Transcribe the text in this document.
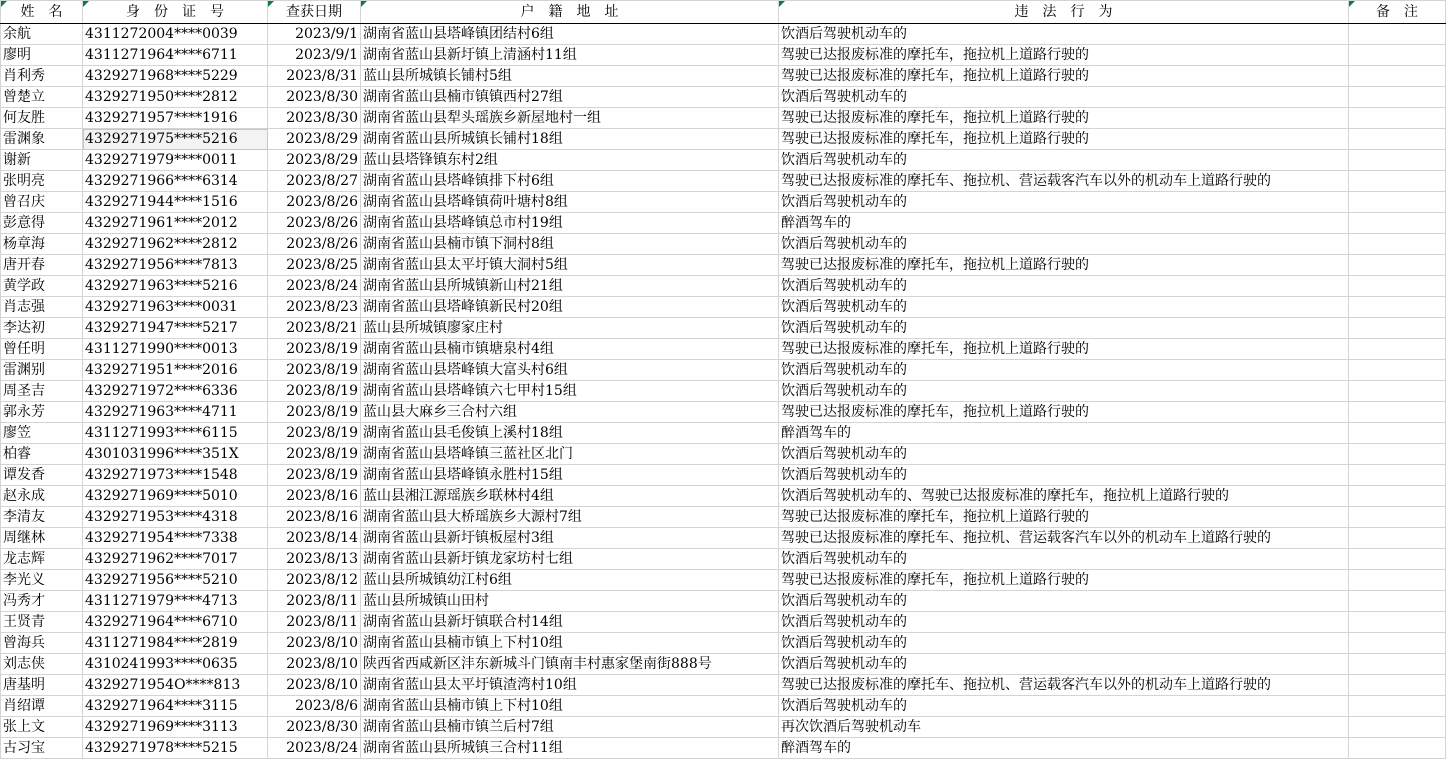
姓　名	身　份　证　号	查获日期	户　籍　地　址	违　法　行　为	备　注
余航	4311272004****0039	2023/9/1	湖南省蓝山县塔峰镇团结村6组	饮酒后驾驶机动车的	
廖明	4311271964****6711	2023/9/1	湖南省蓝山县新圩镇上清涵村11组	驾驶已达报废标准的摩托车，拖拉机上道路行驶的	
肖利秀	4329271968****5229	2023/8/31	蓝山县所城镇长铺村5组	驾驶已达报废标准的摩托车，拖拉机上道路行驶的	
曾楚立	4329271950****2812	2023/8/30	湖南省蓝山县楠市镇镇西村27组	饮酒后驾驶机动车的	
何友胜	4329271957****1916	2023/8/30	湖南省蓝山县犁头瑶族乡新屋地村一组	驾驶已达报废标准的摩托车，拖拉机上道路行驶的	
雷渊象	4329271975****5216	2023/8/29	湖南省蓝山县所城镇长铺村18组	驾驶已达报废标准的摩托车，拖拉机上道路行驶的	
谢新	4329271979****0011	2023/8/29	蓝山县塔锋镇东村2组	饮酒后驾驶机动车的	
张明亮	4329271966****6314	2023/8/27	湖南省蓝山县塔峰镇排下村6组	驾驶已达报废标准的摩托车、拖拉机、营运载客汽车以外的机动车上道路行驶的	
曾召庆	4329271944****1516	2023/8/26	湖南省蓝山县塔峰镇荷叶塘村8组	饮酒后驾驶机动车的	
彭意得	4329271961****2012	2023/8/26	湖南省蓝山县塔峰镇总市村19组	醉酒驾车的	
杨章海	4329271962****2812	2023/8/26	湖南省蓝山县楠市镇下洞村8组	饮酒后驾驶机动车的	
唐开春	4329271956****7813	2023/8/25	湖南省蓝山县太平圩镇大洞村5组	驾驶已达报废标准的摩托车，拖拉机上道路行驶的	
黄学政	4329271963****5216	2023/8/24	湖南省蓝山县所城镇新山村21组	饮酒后驾驶机动车的	
肖志强	4329271963****0031	2023/8/23	湖南省蓝山县塔峰镇新民村20组	饮酒后驾驶机动车的	
李达初	4329271947****5217	2023/8/21	蓝山县所城镇廖家庄村	饮酒后驾驶机动车的	
曾任明	4311271990****0013	2023/8/19	湖南省蓝山县楠市镇塘泉村4组	驾驶已达报废标准的摩托车，拖拉机上道路行驶的	
雷渊别	4329271951****2016	2023/8/19	湖南省蓝山县塔峰镇大富头村6组	饮酒后驾驶机动车的	
周圣吉	4329271972****6336	2023/8/19	湖南省蓝山县塔峰镇六七甲村15组	饮酒后驾驶机动车的	
郭永芳	4329271963****4711	2023/8/19	蓝山县大麻乡三合村六组	驾驶已达报废标准的摩托车，拖拉机上道路行驶的	
廖笠	4311271993****6115	2023/8/19	湖南省蓝山县毛俊镇上溪村18组	醉酒驾车的	
柏睿	4301031996****351X	2023/8/19	湖南省蓝山县塔峰镇三蓝社区北门	饮酒后驾驶机动车的	
谭发香	4329271973****1548	2023/8/19	湖南省蓝山县塔峰镇永胜村15组	饮酒后驾驶机动车的	
赵永成	4329271969****5010	2023/8/16	蓝山县湘江源瑶族乡联林村4组	饮酒后驾驶机动车的、驾驶已达报废标准的摩托车，拖拉机上道路行驶的	
李清友	4329271953****4318	2023/8/16	湖南省蓝山县大桥瑶族乡大源村7组	驾驶已达报废标准的摩托车，拖拉机上道路行驶的	
周继林	4329271954****7338	2023/8/14	湖南省蓝山县新圩镇板屋村3组	驾驶已达报废标准的摩托车、拖拉机、营运载客汽车以外的机动车上道路行驶的	
龙志辉	4329271962****7017	2023/8/13	湖南省蓝山县新圩镇龙家坊村七组	饮酒后驾驶机动车的	
李光义	4329271956****5210	2023/8/12	蓝山县所城镇幼江村6组	驾驶已达报废标准的摩托车，拖拉机上道路行驶的	
冯秀才	4311271979****4713	2023/8/11	蓝山县所城镇山田村	饮酒后驾驶机动车的	
王贤青	4329271964****6710	2023/8/11	湖南省蓝山县新圩镇联合村14组	饮酒后驾驶机动车的	
曾海兵	4311271984****2819	2023/8/10	湖南省蓝山县楠市镇上下村10组	饮酒后驾驶机动车的	
刘志侠	4310241993****0635	2023/8/10	陕西省西咸新区沣东新城斗门镇南丰村惠家堡南街888号	饮酒后驾驶机动车的	
唐基明	4329271954O****813	2023/8/10	湖南省蓝山县太平圩镇渣湾村10组	驾驶已达报废标准的摩托车、拖拉机、营运载客汽车以外的机动车上道路行驶的	
肖绍谭	4329271964****3115	2023/8/6	湖南省蓝山县楠市镇上下村10组	饮酒后驾驶机动车的	
张上文	4329271969****3113	2023/8/30	湖南省蓝山县楠市镇兰后村7组	再次饮酒后驾驶机动车	
古习宝	4329271978****5215	2023/8/24	湖南省蓝山县所城镇三合村11组	醉酒驾车的	
